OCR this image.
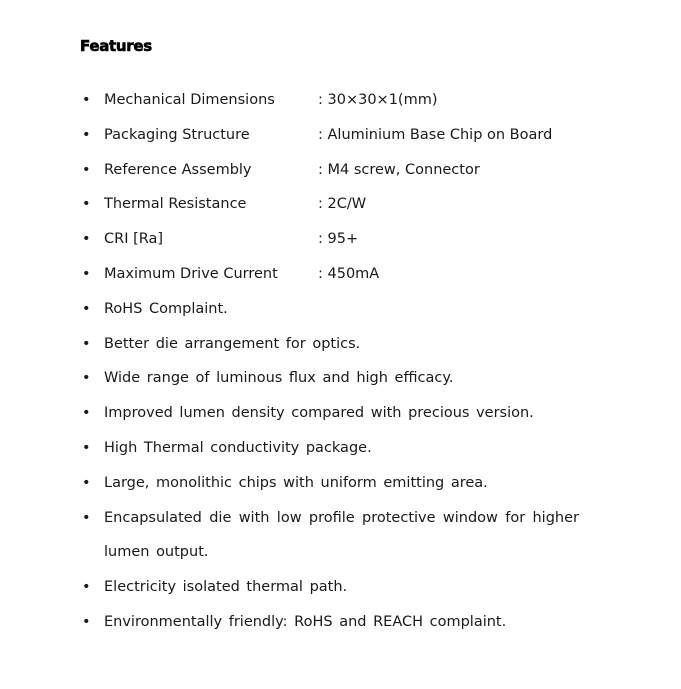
Features
• Mechanical Dimensions	: 30×30×1(mm)
• Packaging Structure	: Aluminium Base Chip on Board
• Reference Assembly	: M4 screw, Connector
• Thermal Resistance	: 2C/W
• CRI [Ra]	: 95+
• Maximum Drive Current	: 450mA
• RoHS Complaint.
• Better die arrangement for optics.
• Wide range of luminous flux and high efficacy.
• Improved lumen density compared with precious version.
• High Thermal conductivity package.
• Large, monolithic chips with uniform emitting area.
• Encapsulated die with low profile protective window for higher lumen output.
• Electricity isolated thermal path.
• Environmentally friendly: RoHS and REACH complaint.
